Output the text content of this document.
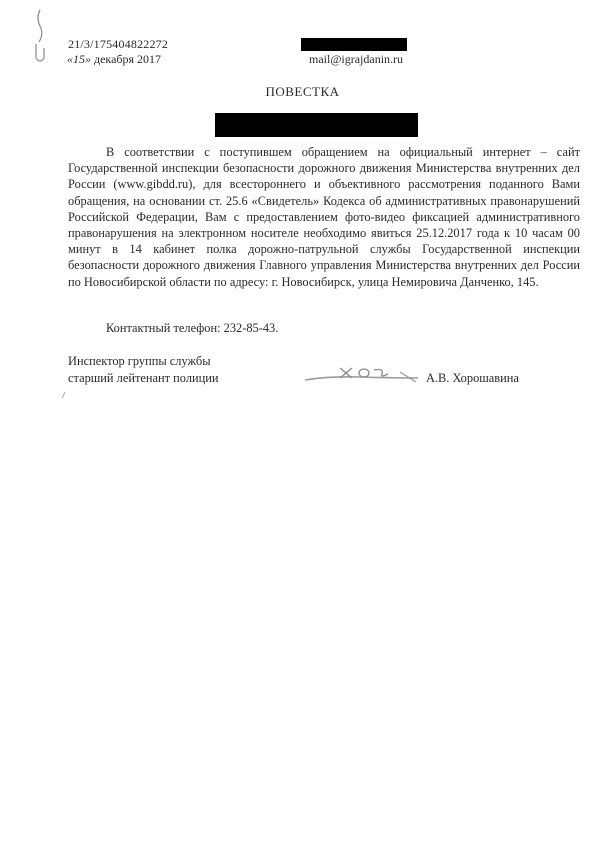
21/3/175404822272
«15» декабря 2017	mail@igrajdanin.ru
ПОВЕСТКА

В соответствии с поступившем обращением на официальный интернет – сайт Государственной инспекции безопасности дорожного движения Министерства внутренних дел России (www.gibdd.ru), для всестороннего и объективного рассмотрения поданного Вами обращения, на основании ст. 25.6 «Свидетель» Кодекса об административных правонарушений Российской Федерации, Вам с предоставлением фото-видео фиксацией административного правонарушения на электронном носителе необходимо явиться 25.12.2017 года к 10 часам 00 минут в 14 кабинет полка дорожно-патрульной службы Государственной инспекции безопасности дорожного движения Главного управления Министерства внутренних дел России по Новосибирской области по адресу: г. Новосибирск, улица Немировича Данченко, 145.

Контактный телефон: 232-85-43.
Инспектор группы службы
старший лейтенант полиции	А.В. Хорошавина
